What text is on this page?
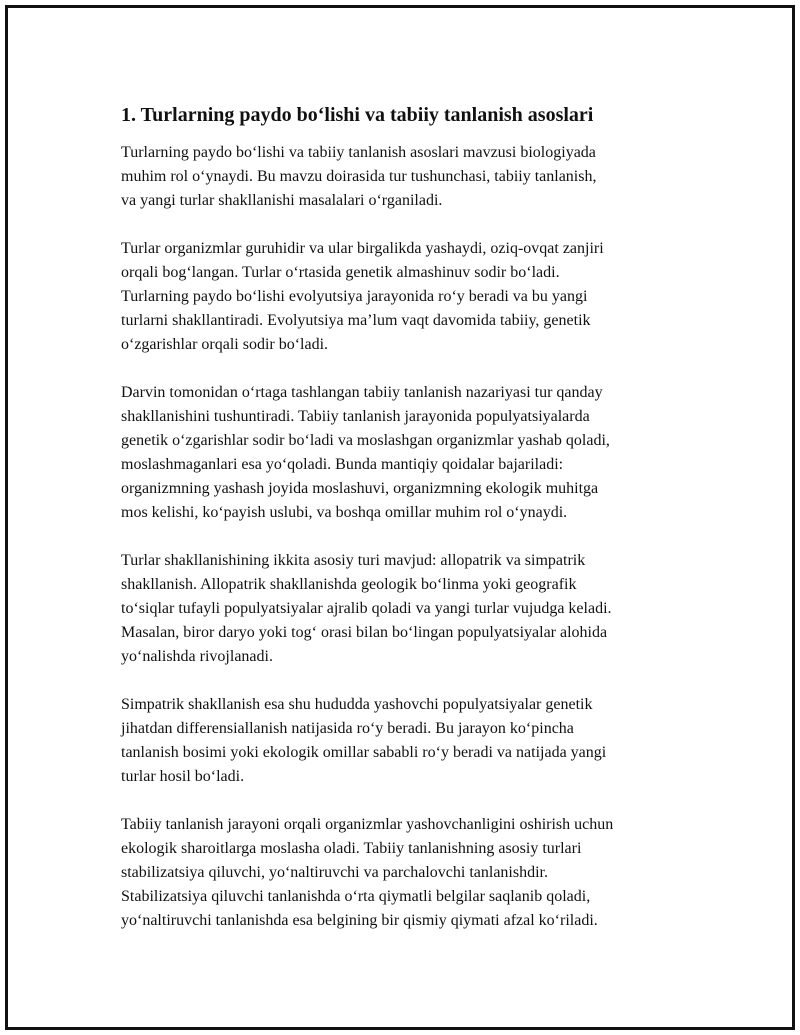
1. Turlarning paydo bo‘lishi va tabiiy tanlanish asoslari

Turlarning paydo bo‘lishi va tabiiy tanlanish asoslari mavzusi biologiyada
muhim rol o‘ynaydi. Bu mavzu doirasida tur tushunchasi, tabiiy tanlanish,
va yangi turlar shakllanishi masalalari o‘rganiladi.

Turlar organizmlar guruhidir va ular birgalikda yashaydi, oziq-ovqat zanjiri
orqali bog‘langan. Turlar o‘rtasida genetik almashinuv sodir bo‘ladi.
Turlarning paydo bo‘lishi evolyutsiya jarayonida ro‘y beradi va bu yangi
turlarni shakllantiradi. Evolyutsiya ma’lum vaqt davomida tabiiy, genetik
o‘zgarishlar orqali sodir bo‘ladi.

Darvin tomonidan o‘rtaga tashlangan tabiiy tanlanish nazariyasi tur qanday
shakllanishini tushuntiradi. Tabiiy tanlanish jarayonida populyatsiyalarda
genetik o‘zgarishlar sodir bo‘ladi va moslashgan organizmlar yashab qoladi,
moslashmaganlari esa yo‘qoladi. Bunda mantiqiy qoidalar bajariladi:
organizmning yashash joyida moslashuvi, organizmning ekologik muhitga
mos kelishi, ko‘payish uslubi, va boshqa omillar muhim rol o‘ynaydi.

Turlar shakllanishining ikkita asosiy turi mavjud: allopatrik va simpatrik
shakllanish. Allopatrik shakllanishda geologik bo‘linma yoki geografik
to‘siqlar tufayli populyatsiyalar ajralib qoladi va yangi turlar vujudga keladi.
Masalan, biror daryo yoki tog‘ orasi bilan bo‘lingan populyatsiyalar alohida
yo‘nalishda rivojlanadi.

Simpatrik shakllanish esa shu hududda yashovchi populyatsiyalar genetik
jihatdan differensiallanish natijasida ro‘y beradi. Bu jarayon ko‘pincha
tanlanish bosimi yoki ekologik omillar sababli ro‘y beradi va natijada yangi
turlar hosil bo‘ladi.

Tabiiy tanlanish jarayoni orqali organizmlar yashovchanligini oshirish uchun
ekologik sharoitlarga moslasha oladi. Tabiiy tanlanishning asosiy turlari
stabilizatsiya qiluvchi, yo‘naltiruvchi va parchalovchi tanlanishdir.
Stabilizatsiya qiluvchi tanlanishda o‘rta qiymatli belgilar saqlanib qoladi,
yo‘naltiruvchi tanlanishda esa belgining bir qismiy qiymati afzal ko‘riladi.
